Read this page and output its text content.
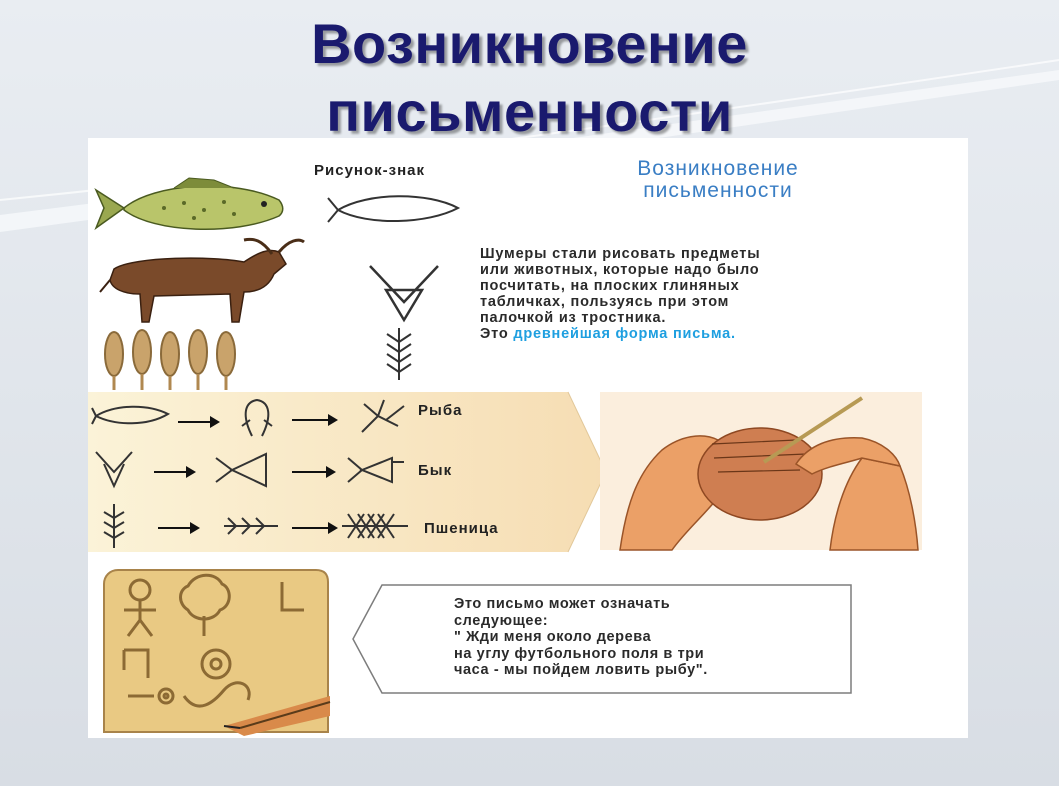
Возникновение
письменности
Рисунок-знак	Возникновение
письменности
Шумеры стали рисовать предметы
или животных, которые надо было
посчитать, на плоских глиняных
табличках, пользуясь при этом
палочкой из тростника.
Это древнейшая форма письма.
Рыба
Бык
Пшеница
Это письмо может означать
следующее:
" Жди меня около дерева
на углу футбольного поля в три
часа - мы пойдем ловить рыбу".
